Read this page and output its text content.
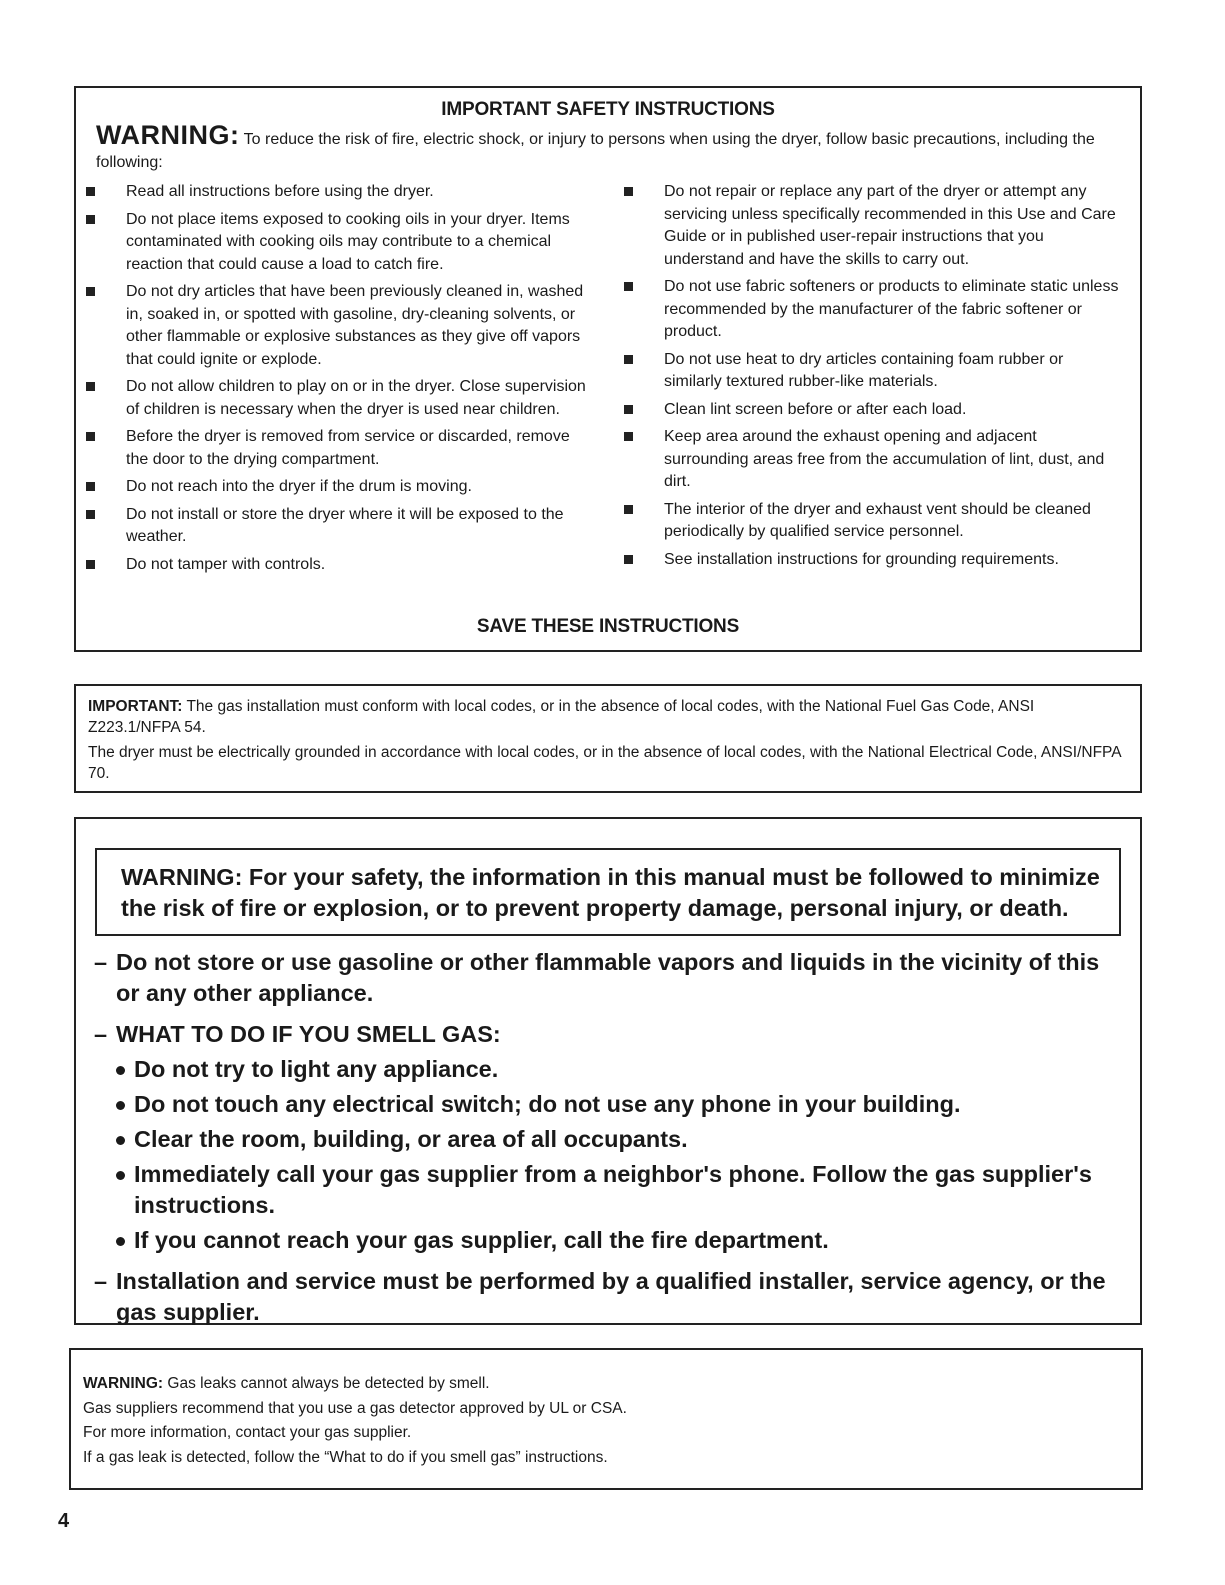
IMPORTANT SAFETY INSTRUCTIONS
WARNING: To reduce the risk of fire, electric shock, or injury to persons when using the dryer, follow basic precautions, including the following:
Read all instructions before using the dryer.
Do not place items exposed to cooking oils in your dryer. Items contaminated with cooking oils may contribute to a chemical reaction that could cause a load to catch fire.
Do not dry articles that have been previously cleaned in, washed in, soaked in, or spotted with gasoline, dry-cleaning solvents, or other flammable or explosive substances as they give off vapors that could ignite or explode.
Do not allow children to play on or in the dryer. Close supervision of children is necessary when the dryer is used near children.
Before the dryer is removed from service or discarded, remove the door to the drying compartment.
Do not reach into the dryer if the drum is moving.
Do not install or store the dryer where it will be exposed to the weather.
Do not tamper with controls.
Do not repair or replace any part of the dryer or attempt any servicing unless specifically recommended in this Use and Care Guide or in published user-repair instructions that you understand and have the skills to carry out.
Do not use fabric softeners or products to eliminate static unless recommended by the manufacturer of the fabric softener or product.
Do not use heat to dry articles containing foam rubber or similarly textured rubber-like materials.
Clean lint screen before or after each load.
Keep area around the exhaust opening and adjacent surrounding areas free from the accumulation of lint, dust, and dirt.
The interior of the dryer and exhaust vent should be cleaned periodically by qualified service personnel.
See installation instructions for grounding requirements.
SAVE THESE INSTRUCTIONS

IMPORTANT: The gas installation must conform with local codes, or in the absence of local codes, with the National Fuel Gas Code, ANSI Z223.1/NFPA 54.

The dryer must be electrically grounded in accordance with local codes, or in the absence of local codes, with the National Electrical Code, ANSI/NFPA 70.

WARNING: For your safety, the information in this manual must be followed to minimize the risk of fire or explosion, or to prevent property damage, personal injury, or death.
– Do not store or use gasoline or other flammable vapors and liquids in the vicinity of this or any other appliance.
– WHAT TO DO IF YOU SMELL GAS:
Do not try to light any appliance.
Do not touch any electrical switch; do not use any phone in your building.
Clear the room, building, or area of all occupants.
Immediately call your gas supplier from a neighbor's phone. Follow the gas supplier's instructions.
If you cannot reach your gas supplier, call the fire department.
– Installation and service must be performed by a qualified installer, service agency, or the gas supplier.

WARNING: Gas leaks cannot always be detected by smell.

Gas suppliers recommend that you use a gas detector approved by UL or CSA.

For more information, contact your gas supplier.

If a gas leak is detected, follow the “What to do if you smell gas” instructions.

4
